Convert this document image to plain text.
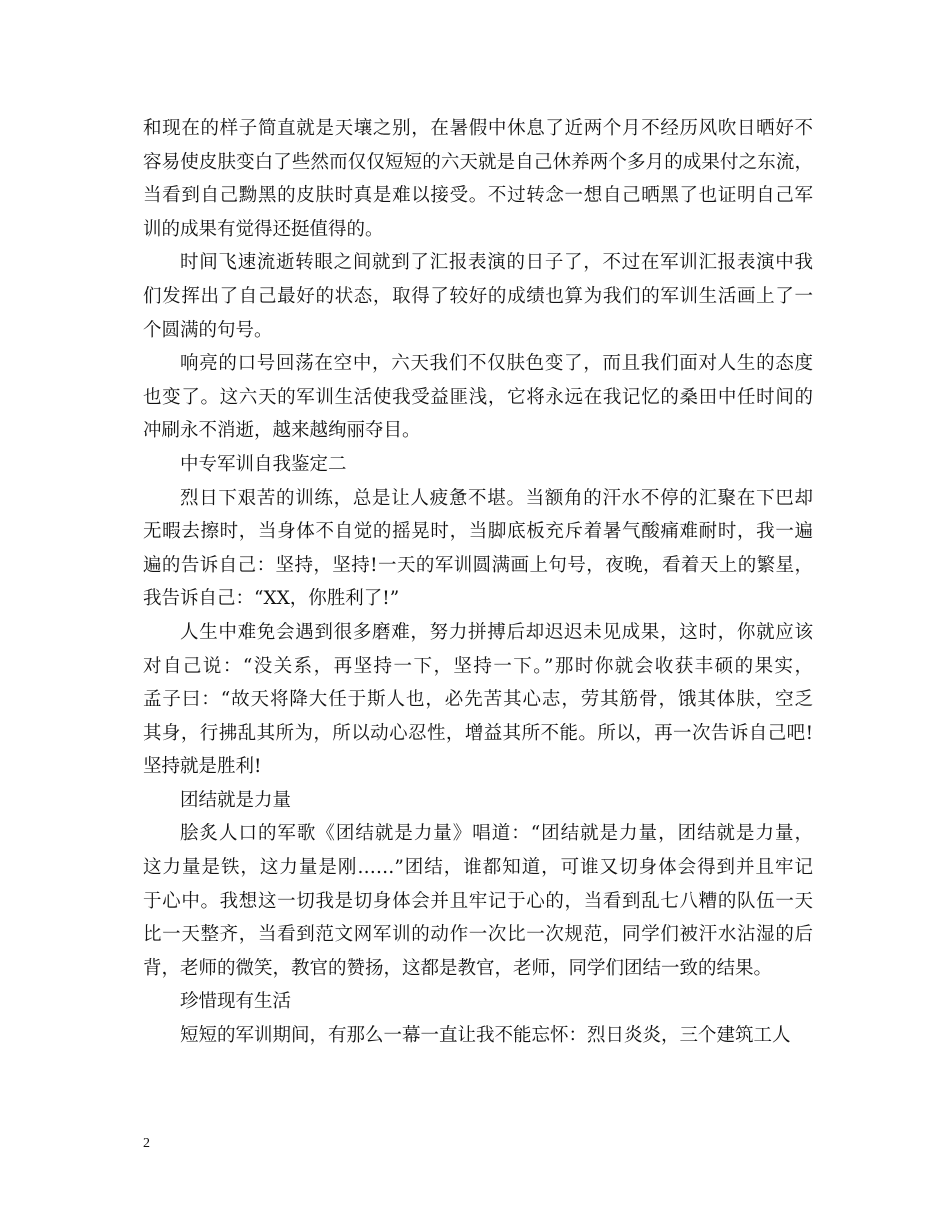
和现在的样子简直就是天壤之别，在暑假中休息了近两个月不经历风吹日晒好不
容易使皮肤变白了些然而仅仅短短的六天就是自己休养两个多月的成果付之东流，
当看到自己黝黑的皮肤时真是难以接受。不过转念一想自己晒黑了也证明自己军
训的成果有觉得还挺值得的。
时间飞速流逝转眼之间就到了汇报表演的日子了，不过在军训汇报表演中我
们发挥出了自己最好的状态，取得了较好的成绩也算为我们的军训生活画上了一
个圆满的句号。
响亮的口号回荡在空中，六天我们不仅肤色变了，而且我们面对人生的态度
也变了。这六天的军训生活使我受益匪浅，它将永远在我记忆的桑田中任时间的
冲刷永不消逝，越来越绚丽夺目。
中专军训自我鉴定二
烈日下艰苦的训练，总是让人疲惫不堪。当额角的汗水不停的汇聚在下巴却
无暇去擦时，当身体不自觉的摇晃时，当脚底板充斥着暑气酸痛难耐时，我一遍
遍的告诉自己：坚持，坚持!一天的军训圆满画上句号，夜晚，看着天上的繁星，
我告诉自己：“XX，你胜利了!”
人生中难免会遇到很多磨难，努力拼搏后却迟迟未见成果，这时，你就应该
对自己说：“没关系，再坚持一下，坚持一下。”那时你就会收获丰硕的果实，
孟子曰：“故天将降大任于斯人也，必先苦其心志，劳其筋骨，饿其体肤，空乏
其身，行拂乱其所为，所以动心忍性，增益其所不能。所以，再一次告诉自己吧!
坚持就是胜利!
团结就是力量
脍炙人口的军歌《团结就是力量》唱道：“团结就是力量，团结就是力量，
这力量是铁，这力量是刚……”团结，谁都知道，可谁又切身体会得到并且牢记
于心中。我想这一切我是切身体会并且牢记于心的，当看到乱七八糟的队伍一天
比一天整齐，当看到范文网军训的动作一次比一次规范，同学们被汗水沾湿的后
背，老师的微笑，教官的赞扬，这都是教官，老师，同学们团结一致的结果。
珍惜现有生活
短短的军训期间，有那么一幕一直让我不能忘怀：烈日炎炎，三个建筑工人
2
